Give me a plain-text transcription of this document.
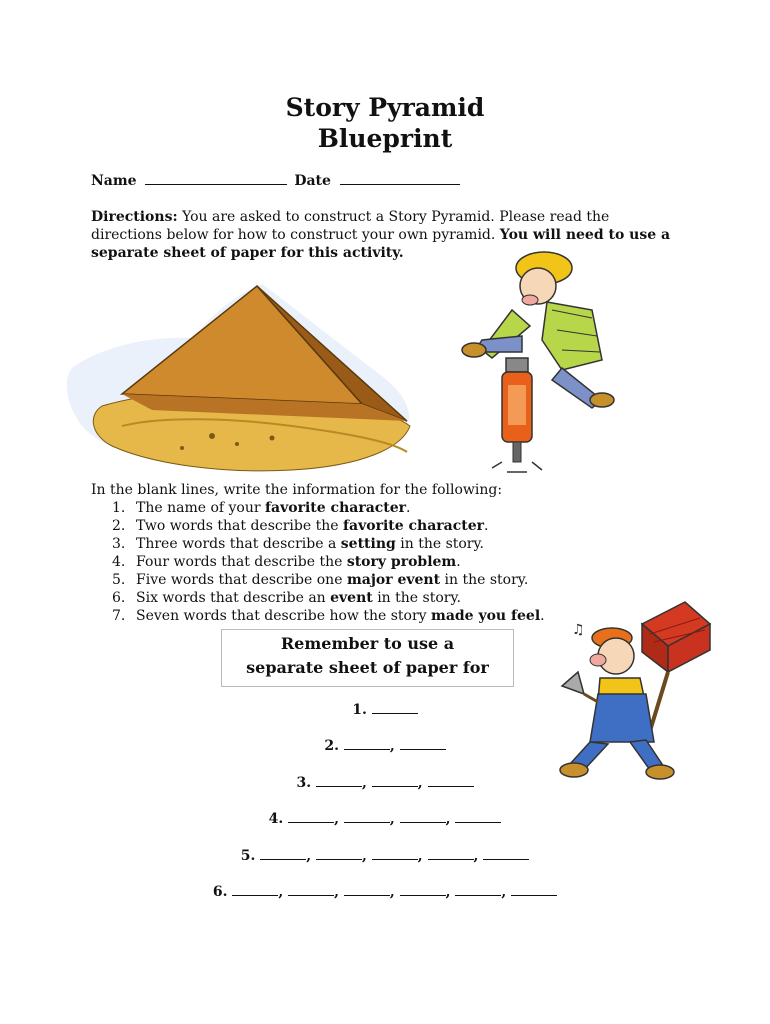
Story Pyramid
Blueprint
Name	Date
Directions: You are asked to construct a Story Pyramid. Please read the directions below for how to construct your own pyramid. You will need to use a separate sheet of paper for this activity.
In the blank lines, write the information for the following:
1. The name of your favorite character.
2. Two words that describe the favorite character.
3. Three words that describe a setting in the story.
4. Four words that describe the story problem.
5. Five words that describe one major event in the story.
6. Six words that describe an event in the story.
7. Seven words that describe how the story made you feel.
Remember to use a
separate sheet of paper for
♫
1.
2.	,
3.	,	,
4.	,	,	,
5.	,	,	,	,
6.	,	,	,	,	,
